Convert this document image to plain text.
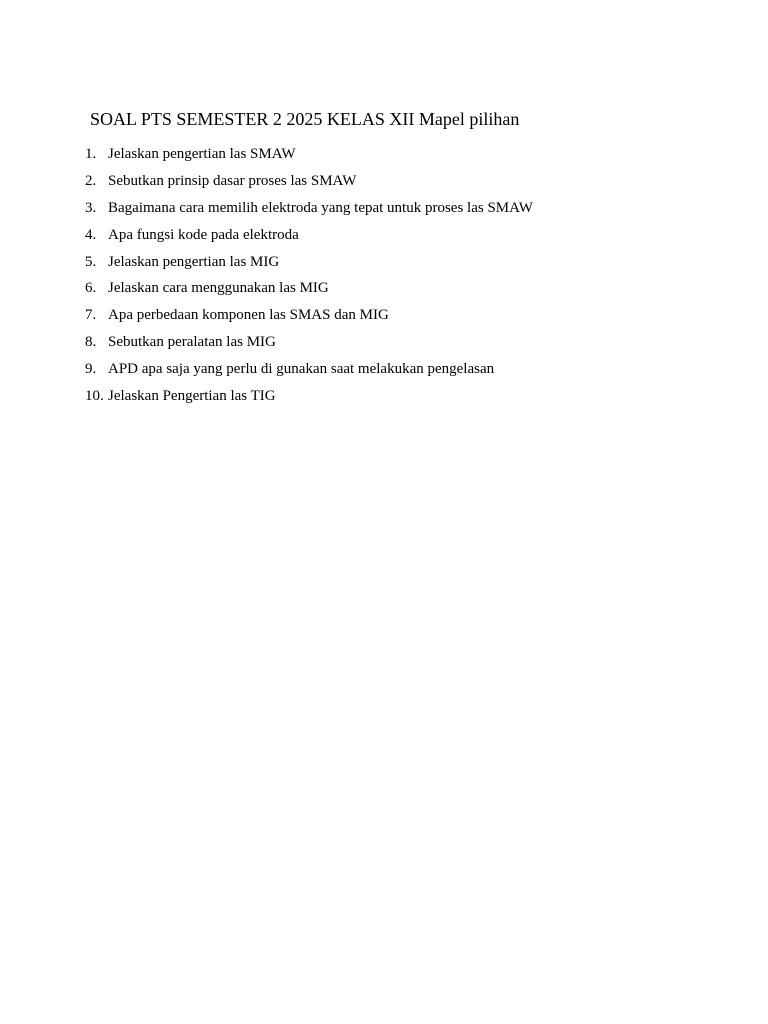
SOAL PTS SEMESTER 2 2025 KELAS XII Mapel pilihan
1. Jelaskan pengertian las SMAW
2. Sebutkan prinsip dasar proses las SMAW
3. Bagaimana cara memilih elektroda yang tepat untuk proses las SMAW
4. Apa fungsi kode pada elektroda
5. Jelaskan pengertian las MIG
6. Jelaskan cara menggunakan las MIG
7. Apa perbedaan komponen las SMAS dan MIG
8. Sebutkan peralatan las MIG
9. APD apa saja yang perlu di gunakan saat melakukan pengelasan
10. Jelaskan Pengertian las TIG
